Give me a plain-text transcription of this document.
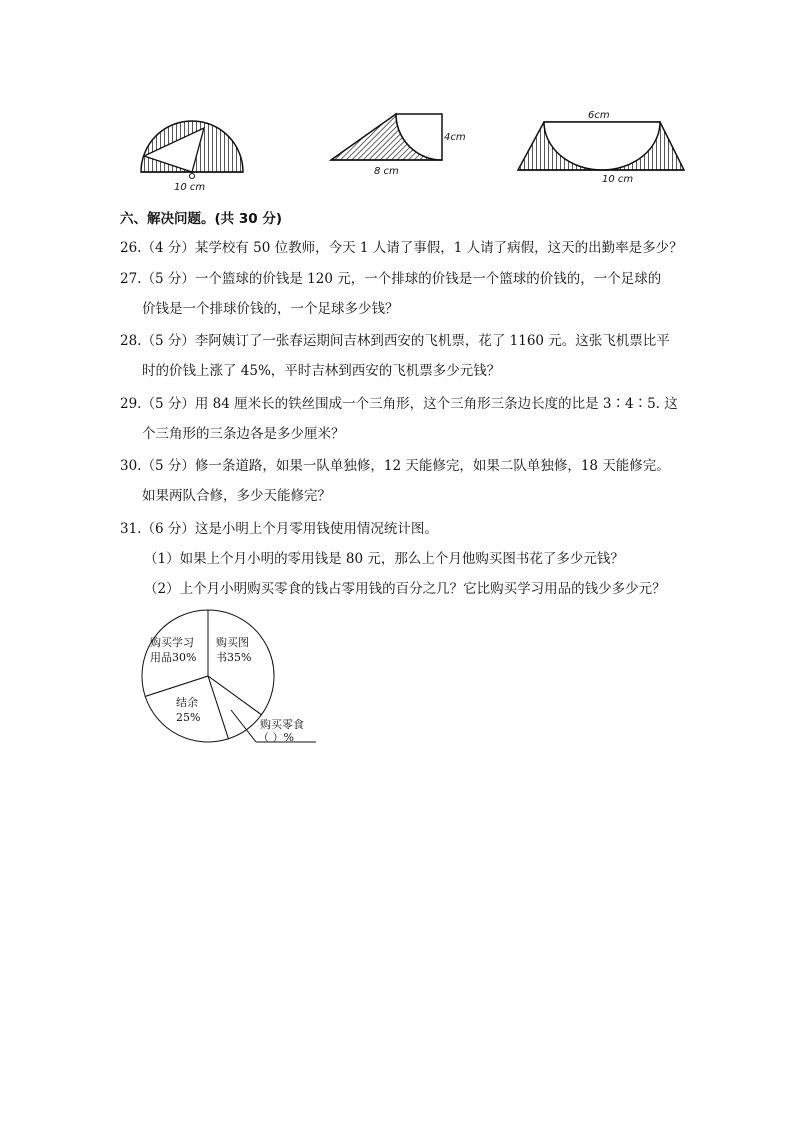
10 cm
8 cm
4cm
6cm
10 cm
六、解决问题。(共 30 分)
26.（4 分）某学校有 50 位教师，今天 1 人请了事假，1 人请了病假，这天的出勤率是多少？
27.（5 分）一个篮球的价钱是 120 元，一个排球的价钱是一个篮球的价钱的，一个足球的
价钱是一个排球价钱的，一个足球多少钱？
28.（5 分）李阿姨订了一张春运期间吉林到西安的飞机票，花了 1160 元。这张飞机票比平
时的价钱上涨了 45%，平时吉林到西安的飞机票多少元钱？
29.（5 分）用 84 厘米长的铁丝围成一个三角形，这个三角形三条边长度的比是 3∶4∶5. 这
个三角形的三条边各是多少厘米？
30.（5 分）修一条道路，如果一队单独修，12 天能修完，如果二队单独修，18 天能修完。
如果两队合修，多少天能修完？
31.（6 分）这是小明上个月零用钱使用情况统计图。
（1）如果上个月小明的零用钱是 80 元，那么上个月他购买图书花了多少元钱？
（2）上个月小明购买零食的钱占零用钱的百分之几？它比购买学习用品的钱少多少元？
购买学习
用品30%
购买图
书35%
结余
25%
购买零食
（ ）%
